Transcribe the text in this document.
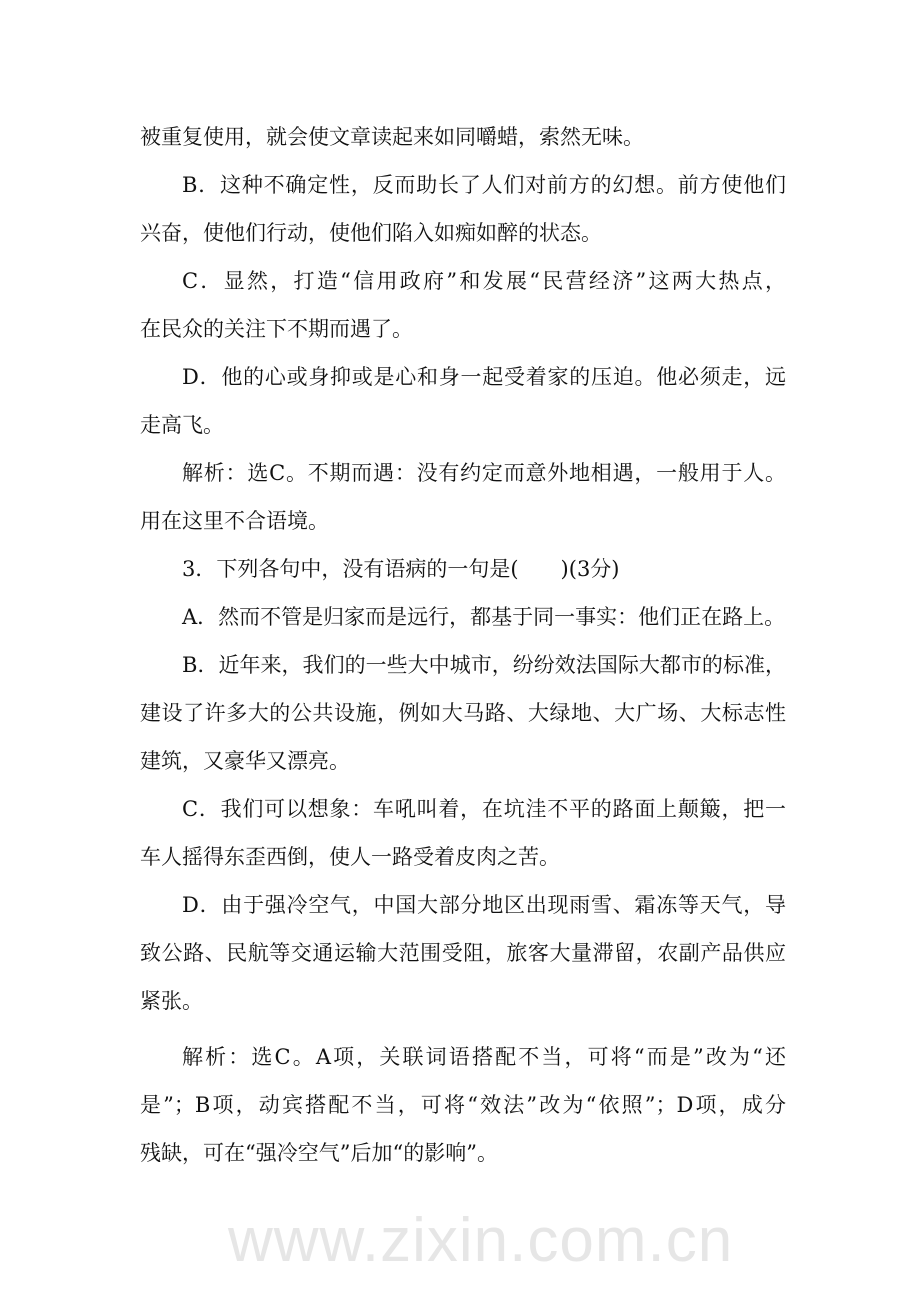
被重复使用，就会使文章读起来如同嚼蜡，索然无味。
B．这种不确定性，反而助长了人们对前方的幻想。前方使他们
兴奋，使他们行动，使他们陷入如痴如醉的状态。
C．显然，打造“信用政府”和发展“民营经济”这两大热点，
在民众的关注下不期而遇了。
D．他的心或身抑或是心和身一起受着家的压迫。他必须走，远
走高飞。
解析：选C。不期而遇：没有约定而意外地相遇，一般用于人。
用在这里不合语境。
3．下列各句中，没有语病的一句是(　　)(3分)
A．然而不管是归家而是远行，都基于同一事实：他们正在路上。
B．近年来，我们的一些大中城市，纷纷效法国际大都市的标准，
建设了许多大的公共设施，例如大马路、大绿地、大广场、大标志性
建筑，又豪华又漂亮。
C．我们可以想象：车吼叫着，在坑洼不平的路面上颠簸，把一
车人摇得东歪西倒，使人一路受着皮肉之苦。
D．由于强冷空气，中国大部分地区出现雨雪、霜冻等天气，导
致公路、民航等交通运输大范围受阻，旅客大量滞留，农副产品供应
紧张。
解析：选C。A项，关联词语搭配不当，可将“而是”改为“还
是”；B项，动宾搭配不当，可将“效法”改为“依照”；D项，成分
残缺，可在“强冷空气”后加“的影响”。
www.zixin.com.cn
